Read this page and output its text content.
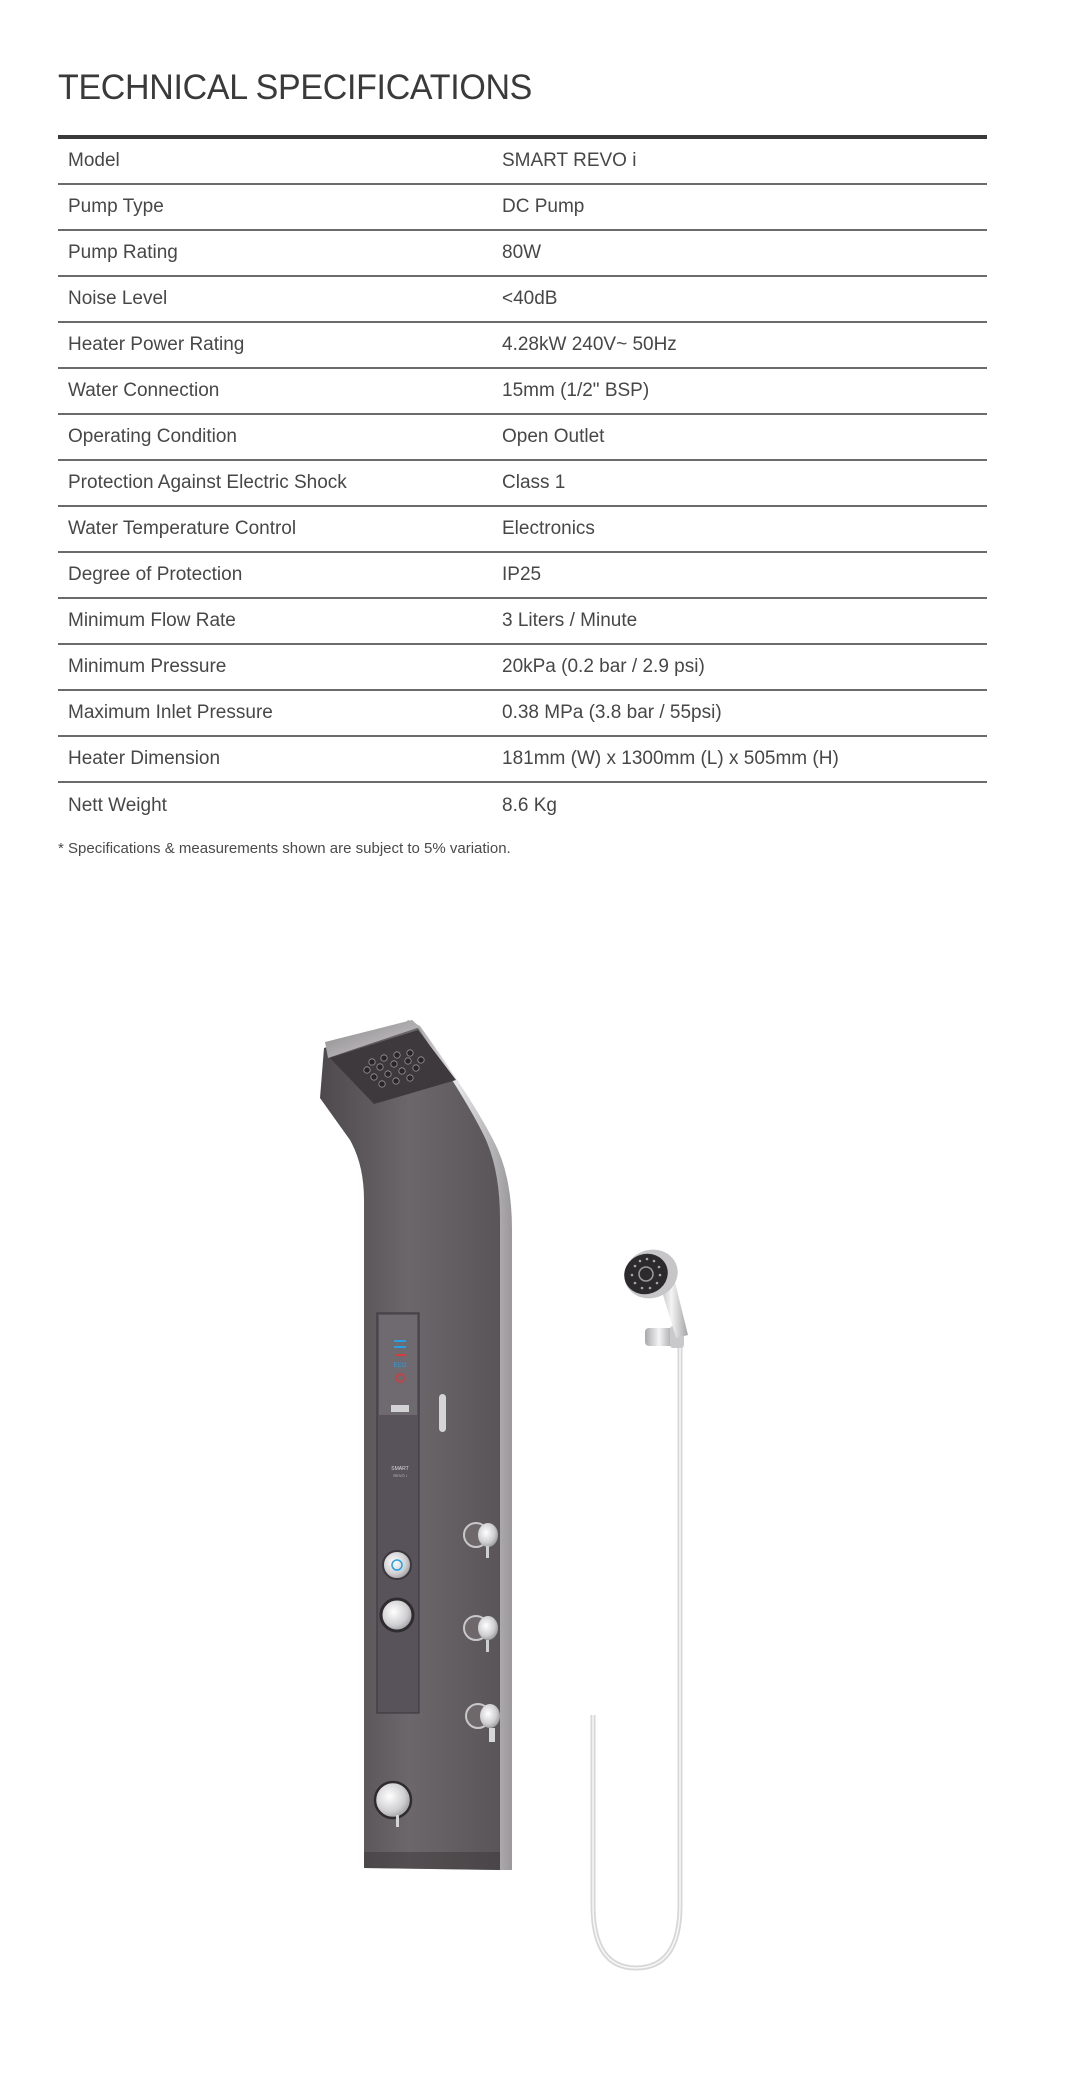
TECHNICAL SPECIFICATIONS
Model	SMART REVO i
Pump Type	DC Pump
Pump Rating	80W
Noise Level	<40dB
Heater Power Rating	4.28kW 240V~ 50Hz
Water Connection	15mm (1/2" BSP)
Operating Condition	Open Outlet
Protection Against Electric Shock	Class 1
Water Temperature Control	Electronics
Degree of Protection	IP25
Minimum Flow Rate	3 Liters / Minute
Minimum Pressure	20kPa (0.2 bar / 2.9 psi)
Maximum Inlet Pressure	0.38 MPa (3.8 bar / 55psi)
Heater Dimension	181mm (W) x 1300mm (L) x 505mm (H)
Nett Weight	8.6 Kg

* Specifications & measurements shown are subject to 5% variation.

ECO
SMART
REVO i
